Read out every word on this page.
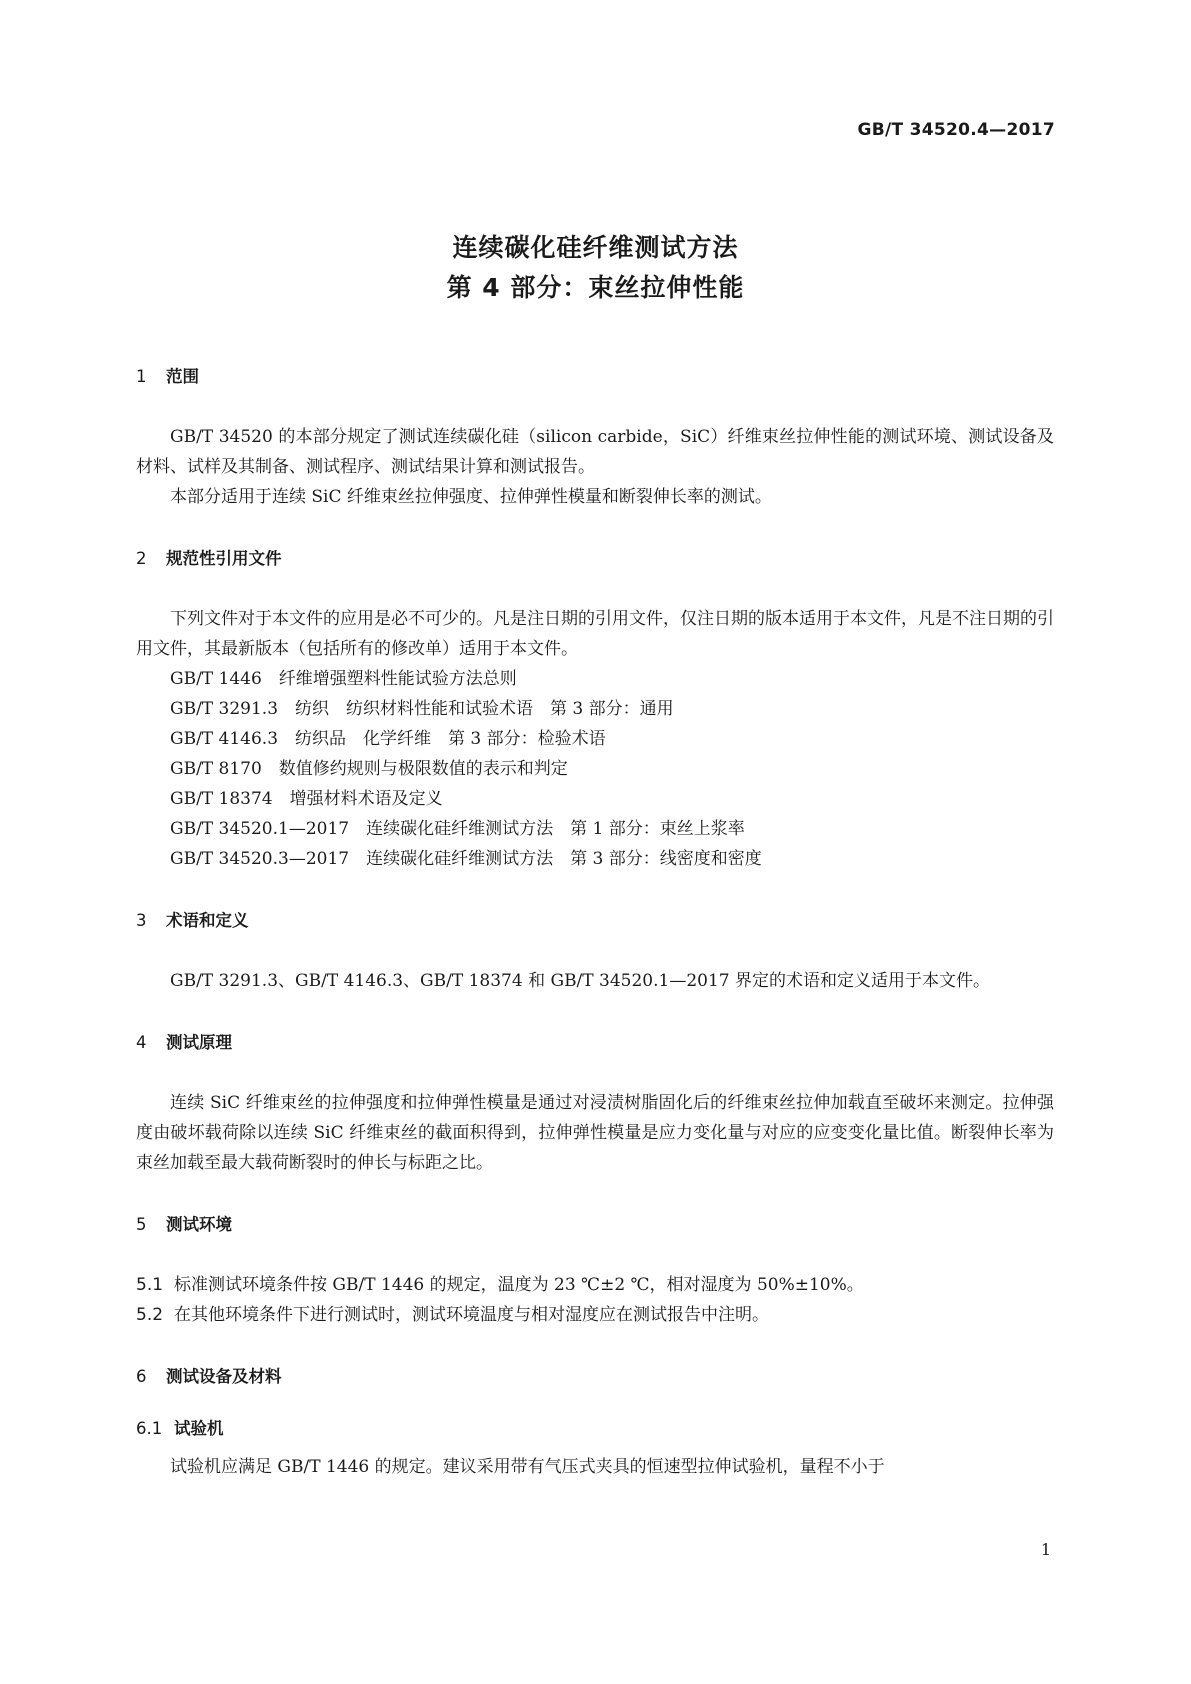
GB/T 34520.4—2017
连续碳化硅纤维测试方法
第 4 部分：束丝拉伸性能
1 范围

GB/T 34520 的本部分规定了测试连续碳化硅（silicon carbide，SiC）纤维束丝拉伸性能的测试环境、测试设备及材料、试样及其制备、测试程序、测试结果计算和测试报告。

本部分适用于连续 SiC 纤维束丝拉伸强度、拉伸弹性模量和断裂伸长率的测试。

2 规范性引用文件

下列文件对于本文件的应用是必不可少的。凡是注日期的引用文件，仅注日期的版本适用于本文件，凡是不注日期的引用文件，其最新版本（包括所有的修改单）适用于本文件。

GB/T 1446　纤维增强塑料性能试验方法总则

GB/T 3291.3　纺织　纺织材料性能和试验术语　第 3 部分：通用

GB/T 4146.3　纺织品　化学纤维　第 3 部分：检验术语

GB/T 8170　数值修约规则与极限数值的表示和判定

GB/T 18374　增强材料术语及定义

GB/T 34520.1—2017　连续碳化硅纤维测试方法　第 1 部分：束丝上浆率

GB/T 34520.3—2017　连续碳化硅纤维测试方法　第 3 部分：线密度和密度

3 术语和定义

GB/T 3291.3、GB/T 4146.3、GB/T 18374 和 GB/T 34520.1—2017 界定的术语和定义适用于本文件。

4 测试原理

连续 SiC 纤维束丝的拉伸强度和拉伸弹性模量是通过对浸渍树脂固化后的纤维束丝拉伸加载直至破坏来测定。拉伸强度由破坏载荷除以连续 SiC 纤维束丝的截面积得到，拉伸弹性模量是应力变化量与对应的应变变化量比值。断裂伸长率为束丝加载至最大载荷断裂时的伸长与标距之比。

5 测试环境

5.1 标准测试环境条件按 GB/T 1446 的规定，温度为 23 ℃±2 ℃，相对湿度为 50%±10%。

5.2 在其他环境条件下进行测试时，测试环境温度与相对湿度应在测试报告中注明。

6 测试设备及材料
6.1 试验机

试验机应满足 GB/T 1446 的规定。建议采用带有气压式夹具的恒速型拉伸试验机，量程不小于

1
